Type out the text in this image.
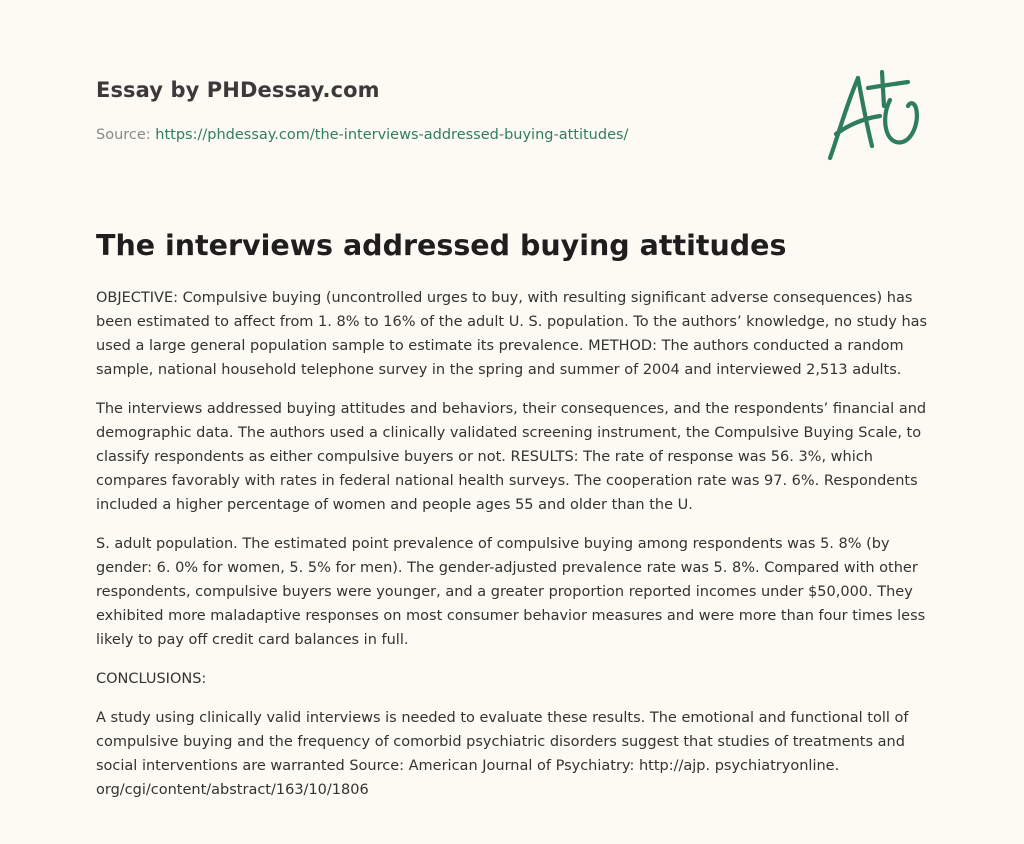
Essay by PHDessay.com
Source: https://phdessay.com/the-interviews-addressed-buying-attitudes/
The interviews addressed buying attitudes

OBJECTIVE: Compulsive buying (uncontrolled urges to buy, with resulting significant adverse consequences) has been estimated to affect from 1. 8% to 16% of the adult U. S. population. To the authors’ knowledge, no study has used a large general population sample to estimate its prevalence. METHOD: The authors conducted a random sample, national household telephone survey in the spring and summer of 2004 and interviewed 2,513 adults.

The interviews addressed buying attitudes and behaviors, their consequences, and the respondents’ financial and demographic data. The authors used a clinically validated screening instrument, the Compulsive Buying Scale, to classify respondents as either compulsive buyers or not. RESULTS: The rate of response was 56. 3%, which compares favorably with rates in federal national health surveys. The cooperation rate was 97. 6%. Respondents included a higher percentage of women and people ages 55 and older than the U.

S. adult population. The estimated point prevalence of compulsive buying among respondents was 5. 8% (by gender: 6. 0% for women, 5. 5% for men). The gender-adjusted prevalence rate was 5. 8%. Compared with other respondents, compulsive buyers were younger, and a greater proportion reported incomes under $50,000. They exhibited more maladaptive responses on most consumer behavior measures and were more than four times less likely to pay off credit card balances in full.

CONCLUSIONS:

A study using clinically valid interviews is needed to evaluate these results. The emotional and functional toll of compulsive buying and the frequency of comorbid psychiatric disorders suggest that studies of treatments and social interventions are warranted Source: American Journal of Psychiatry: http://ajp. psychiatryonline. org/cgi/content/abstract/163/10/1806
